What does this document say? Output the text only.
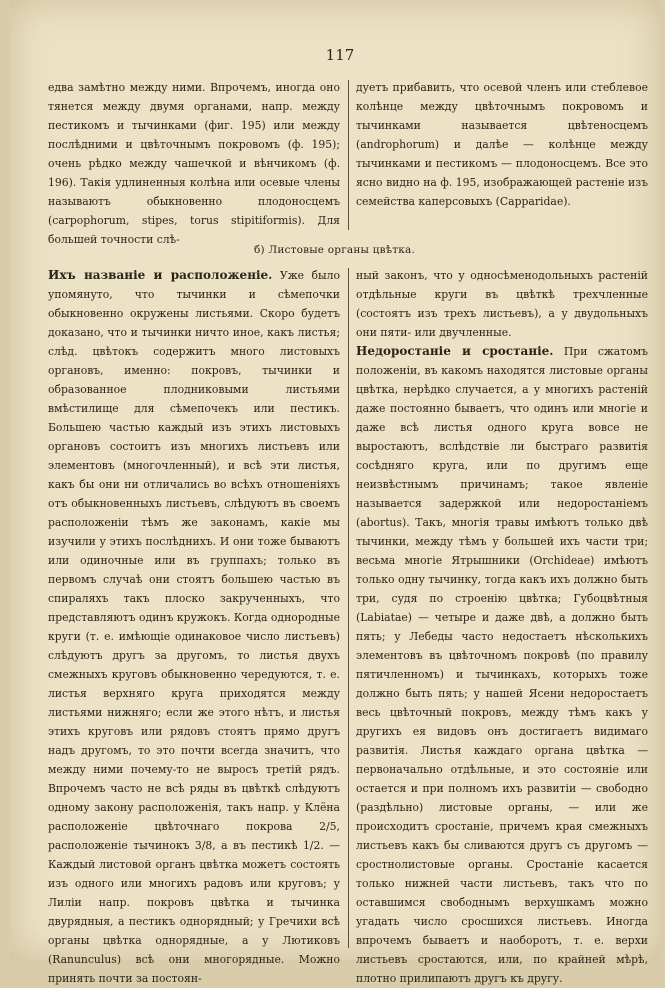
117

едва замѣтно между ними. Впрочемъ, иногда оно тянется между двумя органами, напр. между пестикомъ и тычинками (фиг. 195) или между послѣдними и цвѣточнымъ покровомъ (ф. 195); очень рѣдко между чашечкой и вѣнчикомъ (ф. 196). Такія удлиненныя колѣна или осевые члены называютъ обыкновенно плодоносцемъ (carpophorum, stipes, torus stipitiformis). Для большей точности слѣ-

дуетъ прибавить, что осевой членъ или стеблевое колѣнце между цвѣточнымъ покровомъ и тычинками называется цвѣтеносцемъ (androphorum) и далѣе — колѣнце между тычинками и пестикомъ — плодоносцемъ. Все это ясно видно на ф. 195, изображающей растеніе изъ семейства каперсовыхъ (Capparidae).

б) Листовые органы цвѣтка.

Ихъ названіе и расположеніе. Уже было упомянуто, что тычинки и сѣмепочки обыкновенно окружены листьями. Скоро будетъ доказано, что и тычинки ничто иное, какъ листья; слѣд. цвѣтокъ содержитъ много листовыхъ органовъ, именно: покровъ, тычинки и образованное плодниковыми листьями вмѣстилище для сѣмепочекъ или пестикъ. Большею частью каждый изъ этихъ листовыхъ органовъ состоитъ изъ многихъ листьевъ или элементовъ (многочленный), и всѣ эти листья, какъ бы они ни отличались во всѣхъ отношеніяхъ отъ обыкновенныхъ листьевъ, слѣдуютъ въ своемъ расположеніи тѣмъ же законамъ, какіе мы изучили у этихъ послѣднихъ. И они тоже бываютъ или одиночные или въ группахъ; только въ первомъ случаѣ они стоятъ большею частью въ спираляхъ такъ плоско закрученныхъ, что представляютъ одинъ кружокъ. Когда однородные круги (т. е. имѣющіе одинаковое число листьевъ) слѣдуютъ другъ за другомъ, то листья двухъ смежныхъ круговъ обыкновенно чередуются, т. е. листья верхняго круга приходятся между листьями нижняго; если же этого нѣтъ, и листья этихъ круговъ или рядовъ стоятъ прямо другъ надъ другомъ, то это почти всегда значитъ, что между ними почему-то не выросъ третій рядъ. Впрочемъ часто не всѣ ряды въ цвѣткѣ слѣдуютъ одному закону расположенія, такъ напр. у Клёна расположеніе цвѣточнаго покрова 2/5, расположеніе тычинокъ 3/8, а въ пестикѣ 1/2. — Каждый листовой органъ цвѣтка можетъ состоять изъ одного или многихъ радовъ или круговъ; у Лиліи напр. покровъ цвѣтка и тычинка двурядныя, а пестикъ однорядный; у Гречихи всѣ органы цвѣтка однорядные, а у Лютиковъ (Ranunculus) всѣ они многорядные. Можно принять почти за постоян-

ный законъ, что у односѣменодольныхъ растеній отдѣльные круги въ цвѣткѣ трехчленные (состоятъ изъ трехъ листьевъ), а у двудольныхъ они пяти- или двучленные.

Недоростаніе и сростаніе. При сжатомъ положеніи, въ какомъ находятся листовые органы цвѣтка, нерѣдко случается, а у многихъ растеній даже постоянно бываетъ, что одинъ или многіе и даже всѣ листья одного круга вовсе не выростаютъ, вслѣдствіе ли быстраго развитія сосѣдняго круга, или по другимъ еще неизвѣстнымъ причинамъ; такое явленіе называется задержкой или недоростаніемъ (abortus). Такъ, многія травы имѣютъ только двѣ тычинки, между тѣмъ у большей ихъ части три; весьма многіе Ятрышники (Orchideae) имѣютъ только одну тычинку, тогда какъ ихъ должно быть три, судя по строенію цвѣтка; Губоцвѣтныя (Labiatae) — четыре и даже двѣ, а должно быть пять; у Лебеды часто недостаетъ нѣсколькихъ элементовъ въ цвѣточномъ покровѣ (по правилу пятичленномъ) и тычинкахъ, которыхъ тоже должно быть пять; у нашей Ясени недоростаетъ весь цвѣточный покровъ, между тѣмъ какъ у другихъ ея видовъ онъ достигаетъ видимаго развитія. Листья каждаго органа цвѣтка — первоначально отдѣльные, и это состояніе или остается и при полномъ ихъ развитіи — свободно (раздѣльно) листовые органы, — или же происходитъ сростаніе, причемъ края смежныхъ листьевъ какъ бы сливаются другъ съ другомъ — сростнолистовые органы. Сростаніе касается только нижней части листьевъ, такъ что по оставшимся свободнымъ верхушкамъ можно угадать число сросшихся листьевъ. Иногда впрочемъ бываетъ и наоборотъ, т. е. верхи листьевъ сростаются, или, по крайней мѣрѣ, плотно прилипаютъ другъ къ другу.
